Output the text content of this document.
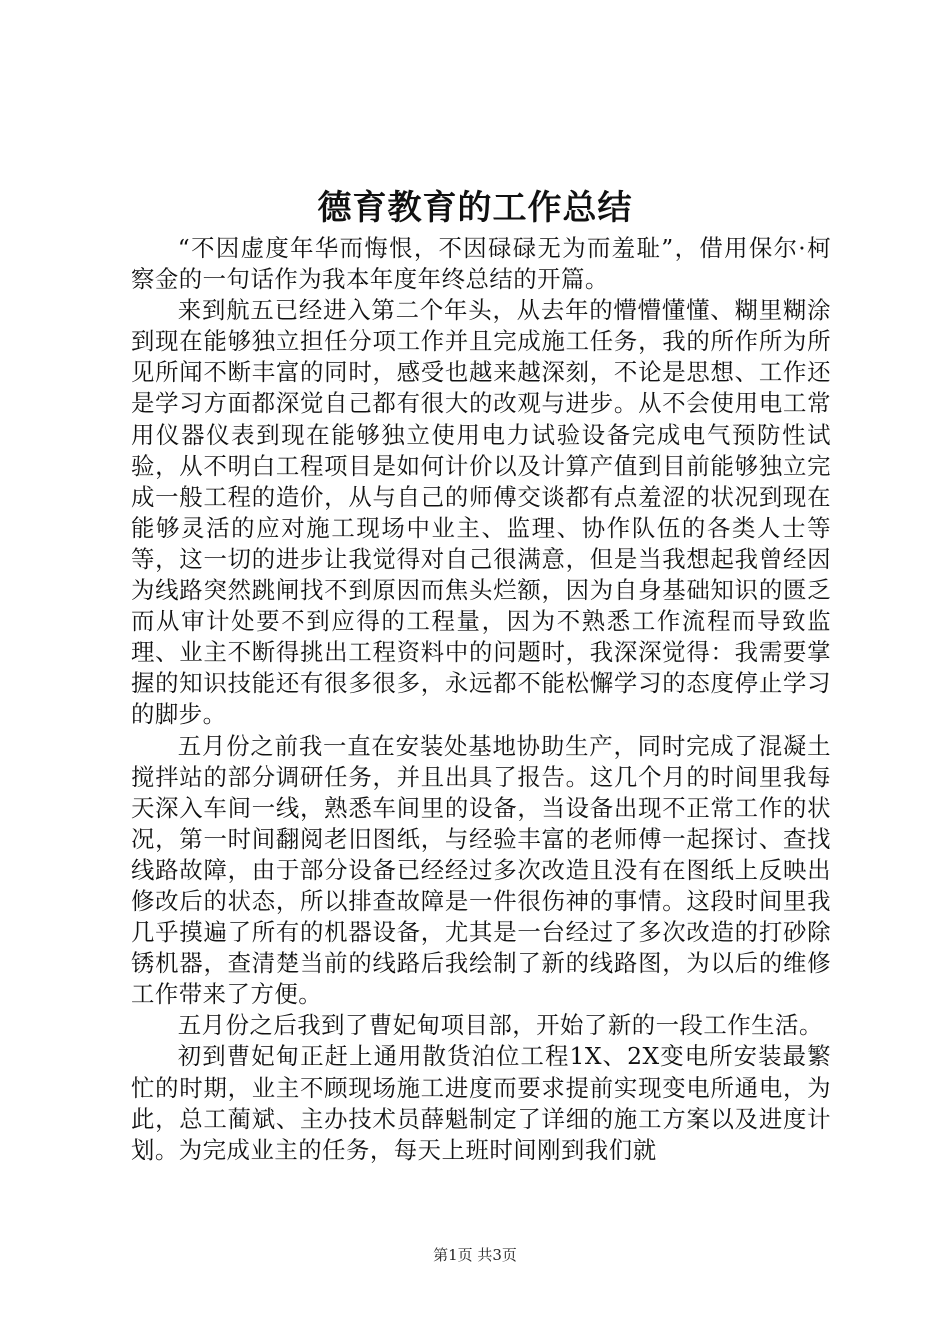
德育教育的工作总结

“不因虚度年华而悔恨，不因碌碌无为而羞耻”，借用保尔·柯察金的一句话作为我本年度年终总结的开篇。

来到航五已经进入第二个年头，从去年的懵懵懂懂、糊里糊涂到现在能够独立担任分项工作并且完成施工任务，我的所作所为所见所闻不断丰富的同时，感受也越来越深刻，不论是思想、工作还是学习方面都深觉自己都有很大的改观与进步。从不会使用电工常用仪器仪表到现在能够独立使用电力试验设备完成电气预防性试验，从不明白工程项目是如何计价以及计算产值到目前能够独立完成一般工程的造价，从与自己的师傅交谈都有点羞涩的状况到现在能够灵活的应对施工现场中业主、监理、协作队伍的各类人士等等，这一切的进步让我觉得对自己很满意，但是当我想起我曾经因为线路突然跳闸找不到原因而焦头烂额，因为自身基础知识的匮乏而从审计处要不到应得的工程量，因为不熟悉工作流程而导致监理、业主不断得挑出工程资料中的问题时，我深深觉得：我需要掌握的知识技能还有很多很多，永远都不能松懈学习的态度停止学习的脚步。

五月份之前我一直在安装处基地协助生产，同时完成了混凝土搅拌站的部分调研任务，并且出具了报告。这几个月的时间里我每天深入车间一线，熟悉车间里的设备，当设备出现不正常工作的状况，第一时间翻阅老旧图纸，与经验丰富的老师傅一起探讨、查找线路故障，由于部分设备已经经过多次改造且没有在图纸上反映出修改后的状态，所以排查故障是一件很伤神的事情。这段时间里我几乎摸遍了所有的机器设备，尤其是一台经过了多次改造的打砂除锈机器，查清楚当前的线路后我绘制了新的线路图，为以后的维修工作带来了方便。

五月份之后我到了曹妃甸项目部，开始了新的一段工作生活。

初到曹妃甸正赶上通用散货泊位工程1X、2X变电所安装最繁忙的时期，业主不顾现场施工进度而要求提前实现变电所通电，为此，总工蔺斌、主办技术员薛魁制定了详细的施工方案以及进度计划。为完成业主的任务，每天上班时间刚到我们就

第1页 共3页
